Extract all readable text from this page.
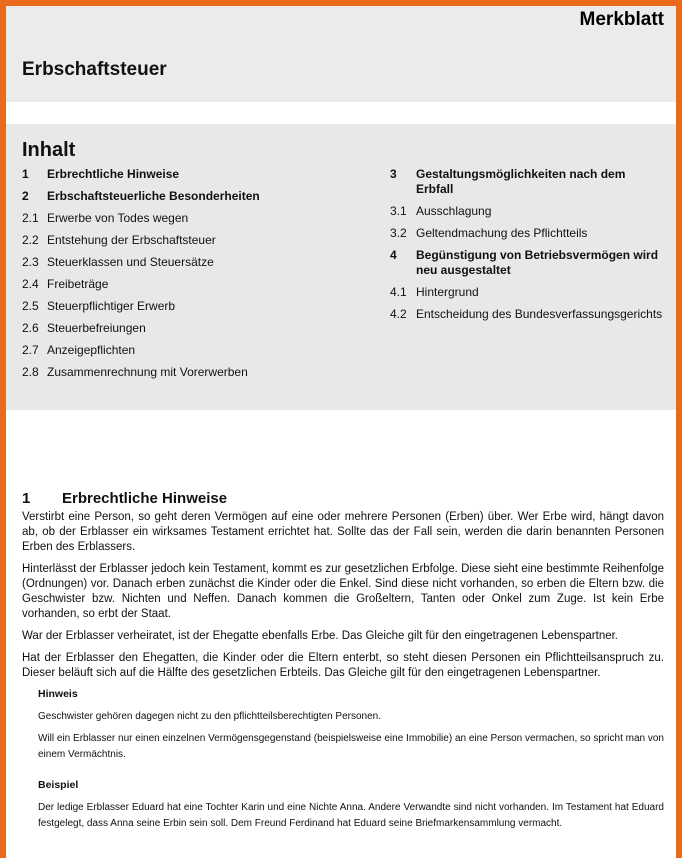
Merkblatt
Erbschaftsteuer
Inhalt
1	Erbrechtliche Hinweise
2	Erbschaftsteuerliche Besonderheiten
2.1 Erwerbe von Todes wegen
2.2 Entstehung der Erbschaftsteuer
2.3 Steuerklassen und Steuersätze
2.4 Freibeträge
2.5 Steuerpflichtiger Erwerb
2.6 Steuerbefreiungen
2.7 Anzeigepflichten
2.8 Zusammenrechnung mit Vorerwerben
3	Gestaltungsmöglichkeiten nach dem Erbfall
3.1 Ausschlagung
3.2 Geltendmachung des Pflichtteils
4	Begünstigung von Betriebsvermögen wird neu ausgestaltet
4.1 Hintergrund
4.2 Entscheidung des Bundesverfassungsgerichts
1	Erbrechtliche Hinweise

Verstirbt eine Person, so geht deren Vermögen auf eine oder mehrere Personen (Erben) über. Wer Erbe wird, hängt davon ab, ob der Erblasser ein wirksames Testament errichtet hat. Sollte das der Fall sein, werden die darin benannten Personen Erben des Erblassers.

Hinterlässt der Erblasser jedoch kein Testament, kommt es zur gesetzlichen Erbfolge. Diese sieht eine bestimmte Reihenfolge (Ordnungen) vor. Danach erben zunächst die Kinder oder die Enkel. Sind diese nicht vorhanden, so erben die Eltern bzw. die Geschwister bzw. Nichten und Neffen. Danach kommen die Großeltern, Tanten oder Onkel zum Zuge. Ist kein Erbe vorhanden, so erbt der Staat.

War der Erblasser verheiratet, ist der Ehegatte ebenfalls Erbe. Das Gleiche gilt für den eingetragenen Lebenspartner.

Hat der Erblasser den Ehegatten, die Kinder oder die Eltern enterbt, so steht diesen Personen ein Pflichtteilsanspruch zu. Dieser beläuft sich auf die Hälfte des gesetzlichen Erbteils. Das Gleiche gilt für den eingetragenen Lebenspartner.

Hinweis

Geschwister gehören dagegen nicht zu den pflichtteilsberechtigten Personen.

Will ein Erblasser nur einen einzelnen Vermögensgegenstand (beispielsweise eine Immobilie) an eine Person vermachen, so spricht man von einem Vermächtnis.

Beispiel

Der ledige Erblasser Eduard hat eine Tochter Karin und eine Nichte Anna. Andere Verwandte sind nicht vorhanden. Im Testament hat Eduard festgelegt, dass Anna seine Erbin sein soll. Dem Freund Ferdinand hat Eduard seine Briefmarkensammlung vermacht.
